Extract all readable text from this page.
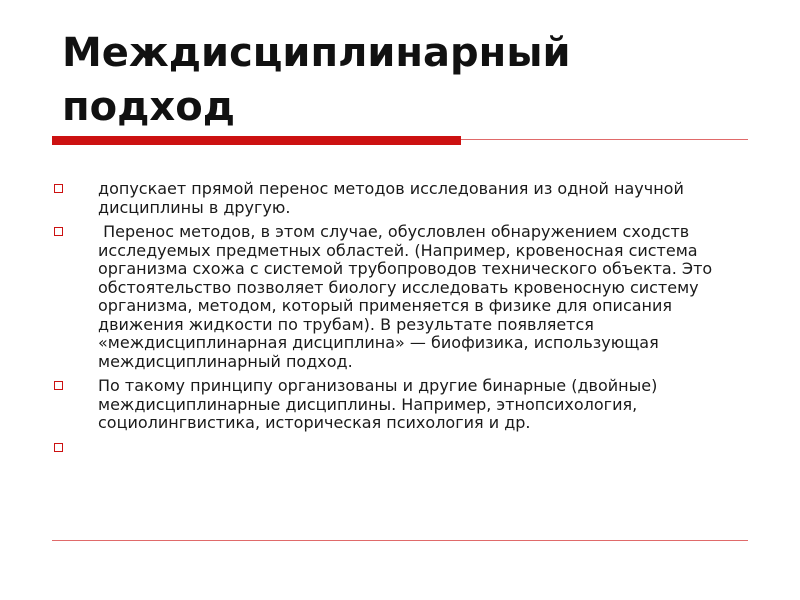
Междисциплинарный подход
допускает прямой перенос методов исследования из одной научной дисциплины в другую.
Перенос методов, в этом случае, обусловлен обнаружением сходств исследуемых предметных областей. (Например, кровеносная система организма схожа с системой трубопроводов технического объекта. Это обстоятельство позволяет биологу исследовать кровеносную систему организма, методом, который применяется в физике для описания движения жидкости по трубам). В результате появляется «междисциплинарная дисциплина» — биофизика, использующая междисциплинарный подход.
По такому принципу организованы и другие бинарные (двойные) междисциплинарные дисциплины. Например, этнопсихология, социолингвистика, историческая психология и др.
